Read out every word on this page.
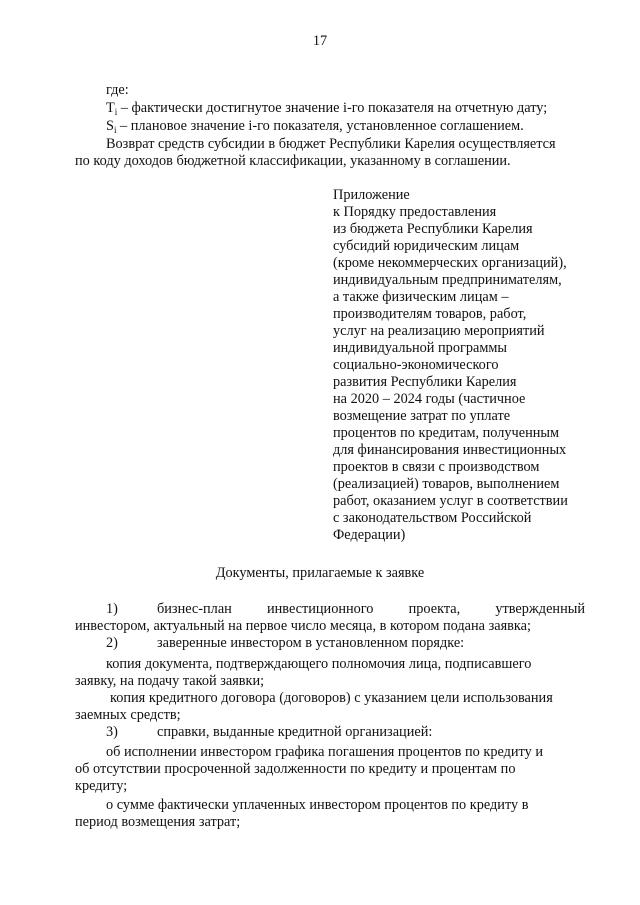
17
где:
$T_i$ – фактически достигнутое значение i-го показателя на отчетную дату;
$S_i$ – плановое значение i-го показателя, установленное соглашением.
Возврат средств субсидии в бюджет Республики Карелия осуществляется
по коду доходов бюджетной классификации, указанному в соглашении.
Приложение
к Порядку предоставления
из бюджета Республики Карелия
субсидий юридическим лицам
(кроме некоммерческих организаций),
индивидуальным предпринимателям,
а также физическим лицам –
производителям товаров, работ,
услуг на реализацию мероприятий
индивидуальной программы
социально-экономического
развития Республики Карелия
на 2020 – 2024 годы (частичное
возмещение затрат по уплате
процентов по кредитам, полученным
для финансирования инвестиционных
проектов в связи с производством
(реализацией) товаров, выполнением
работ, оказанием услуг в соответствии
с законодательством Российской
Федерации)
Документы, прилагаемые к заявке
1)	бизнес-план инвестиционного проекта, утвержденный
инвестором, актуальный на первое число месяца, в котором подана заявка;
2)	заверенные инвестором в установленном порядке:
копия документа, подтверждающего полномочия лица, подписавшего
заявку, на подачу такой заявки;
копия кредитного договора (договоров) с указанием цели использования
заемных средств;
3)	справки, выданные кредитной организацией:
об исполнении инвестором графика погашения процентов по кредиту и
об отсутствии просроченной задолженности по кредиту и процентам по
кредиту;
о сумме фактически уплаченных инвестором процентов по кредиту в
период возмещения затрат;
